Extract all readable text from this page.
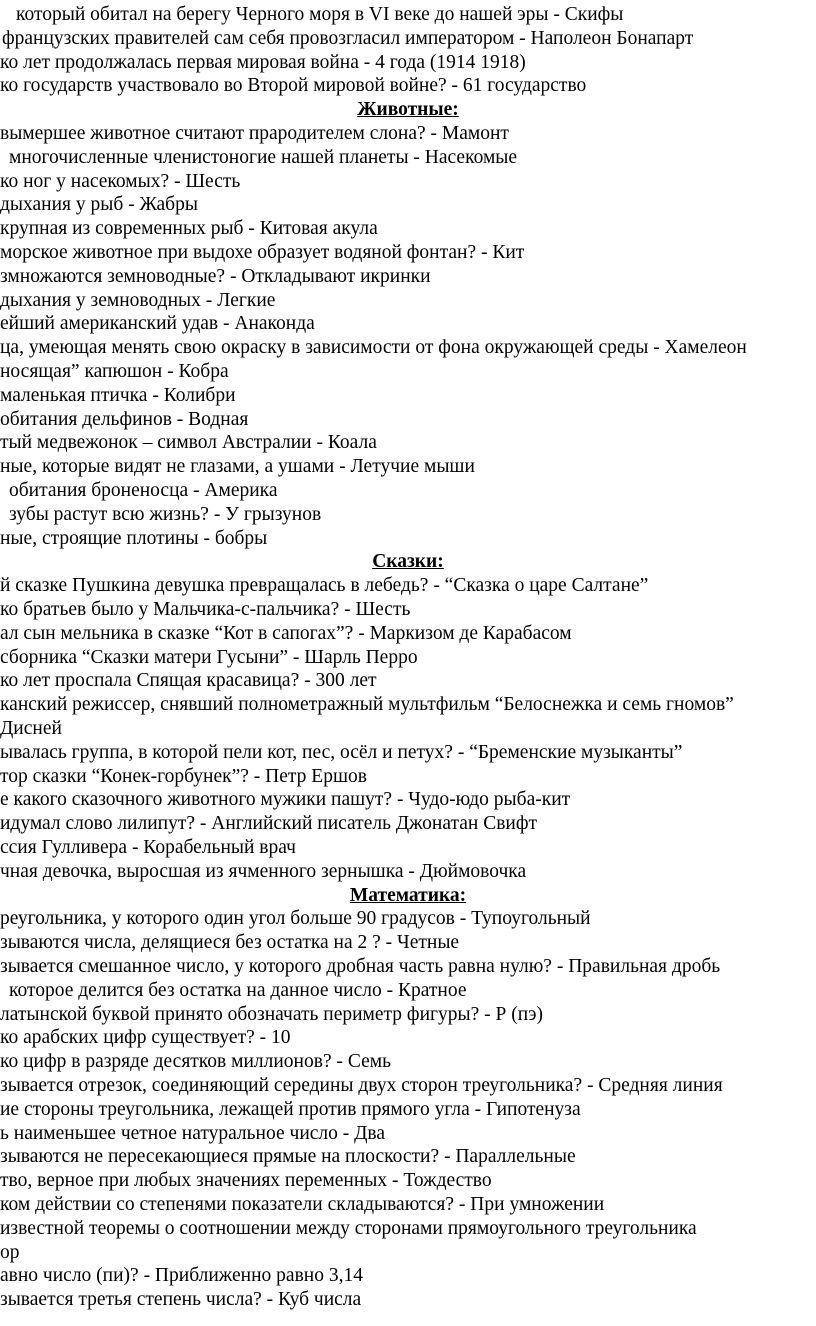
который обитал на берегу Черного моря в VI веке до нашей эры - Скифы
французских правителей сам себя провозгласил императором - Наполеон Бонапарт
ко лет продолжалась первая мировая война - 4 года (1914 1918)
ко государств участвовало во Второй мировой войне? - 61 государство
Животные:
вымершее животное считают прародителем слона? - Мамонт
многочисленные членистоногие нашей планеты - Насекомые
ко ног у насекомых? - Шесть
дыхания у рыб - Жабры
крупная из современных рыб - Китовая акула
морское животное при выдохе образует водяной фонтан? - Кит
змножаются земноводные? - Откладывают икринки
дыхания у земноводных - Легкие
ейший американский удав - Анаконда
ца, умеющая менять свою окраску в зависимости от фона окружающей среды - Хамелеон
носящая” капюшон - Кобра
маленькая птичка - Колибри
обитания дельфинов - Водная
тый медвежонок – символ Австралии - Коала
ные, которые видят не глазами, а ушами - Летучие мыши
обитания броненосца - Америка
зубы растут всю жизнь? - У грызунов
ные, строящие плотины - бобры
Сказки:
й сказке Пушкина девушка превращалась в лебедь? - “Сказка о царе Салтане”
ко братьев было у Мальчика-с-пальчика? - Шесть
ал сын мельника в сказке “Кот в сапогах”? - Маркизом де Карабасом
сборника “Сказки матери Гусыни” - Шарль Перро
ко лет проспала Спящая красавица? - 300 лет
канский режиссер, снявший полнометражный мультфильм “Белоснежка и семь гномов”
Дисней
ывалась группа, в которой пели кот, пес, осёл и петух? - “Бременские музыканты”
тор сказки “Конек-горбунек”? - Петр Ершов
е какого сказочного животного мужики пашут? - Чудо-юдо рыба-кит
идумал слово лилипут? - Английский писатель Джонатан Свифт
ссия Гулливера - Корабельный врач
чная девочка, выросшая из ячменного зернышка - Дюймовочка
Математика:
реугольника, у которого один угол больше 90 градусов - Тупоугольный
зываются числа, делящиеся без остатка на 2 ? - Четные
зывается смешанное число, у которого дробная часть равна нулю? - Правильная дробь
которое делится без остатка на данное число - Кратное
латынской буквой принято обозначать периметр фигуры? - Р (пэ)
ко арабских цифр существует? - 10
ко цифр в разряде десятков миллионов? - Семь
зывается отрезок, соединяющий середины двух сторон треугольника? - Средняя линия
ие стороны треугольника, лежащей против прямого угла - Гипотенуза
ь наименьшее четное натуральное число - Два
зываются не пересекающиеся прямые на плоскости? - Параллельные
тво, верное при любых значениях переменных - Тождество
ком действии со степенями показатели складываются? - При умножении
известной теоремы о соотношении между сторонами прямоугольного треугольника
ор
авно число (пи)? - Приближенно равно 3,14
зывается третья степень числа? - Куб числа
